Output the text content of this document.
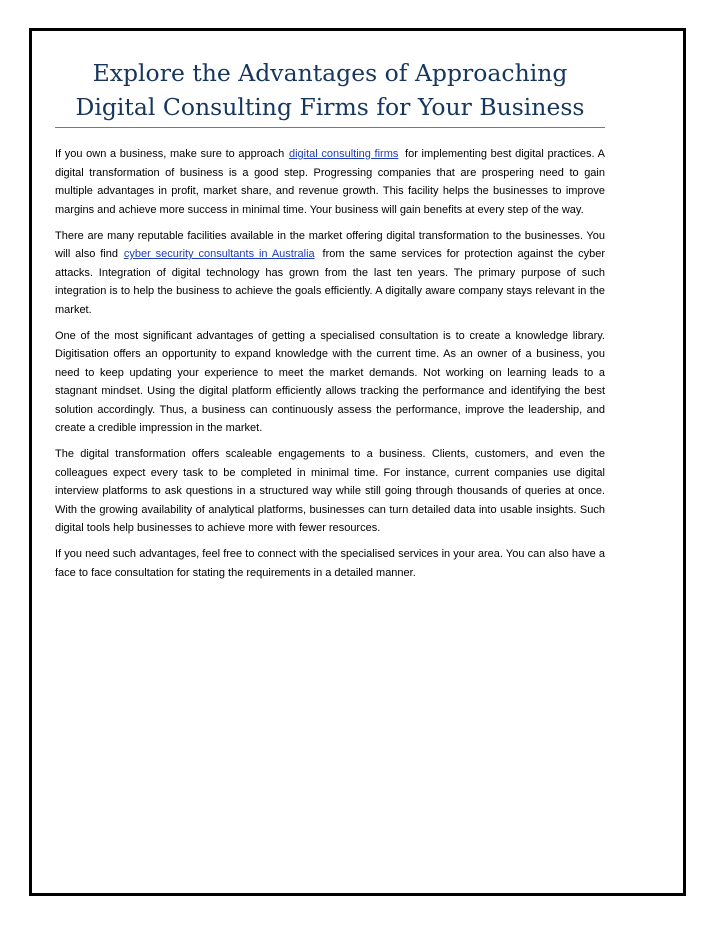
Explore the Advantages of Approaching
Digital Consulting Firms for Your Business

If you own a business, make sure to approach digital consulting firms for implementing best digital practices. A digital transformation of business is a good step. Progressing companies that are prospering need to gain multiple advantages in profit, market share, and revenue growth. This facility helps the businesses to improve margins and achieve more success in minimal time. Your business will gain benefits at every step of the way.

There are many reputable facilities available in the market offering digital transformation to the businesses. You will also find cyber security consultants in Australia from the same services for protection against the cyber attacks. Integration of digital technology has grown from the last ten years. The primary purpose of such integration is to help the business to achieve the goals efficiently. A digitally aware company stays relevant in the market.

One of the most significant advantages of getting a specialised consultation is to create a knowledge library. Digitisation offers an opportunity to expand knowledge with the current time. As an owner of a business, you need to keep updating your experience to meet the market demands. Not working on learning leads to a stagnant mindset. Using the digital platform efficiently allows tracking the performance and identifying the best solution accordingly. Thus, a business can continuously assess the performance, improve the leadership, and create a credible impression in the market.

The digital transformation offers scaleable engagements to a business. Clients, customers, and even the colleagues expect every task to be completed in minimal time. For instance, current companies use digital interview platforms to ask questions in a structured way while still going through thousands of queries at once. With the growing availability of analytical platforms, businesses can turn detailed data into usable insights. Such digital tools help businesses to achieve more with fewer resources.

If you need such advantages, feel free to connect with the specialised services in your area. You can also have a face to face consultation for stating the requirements in a detailed manner.
